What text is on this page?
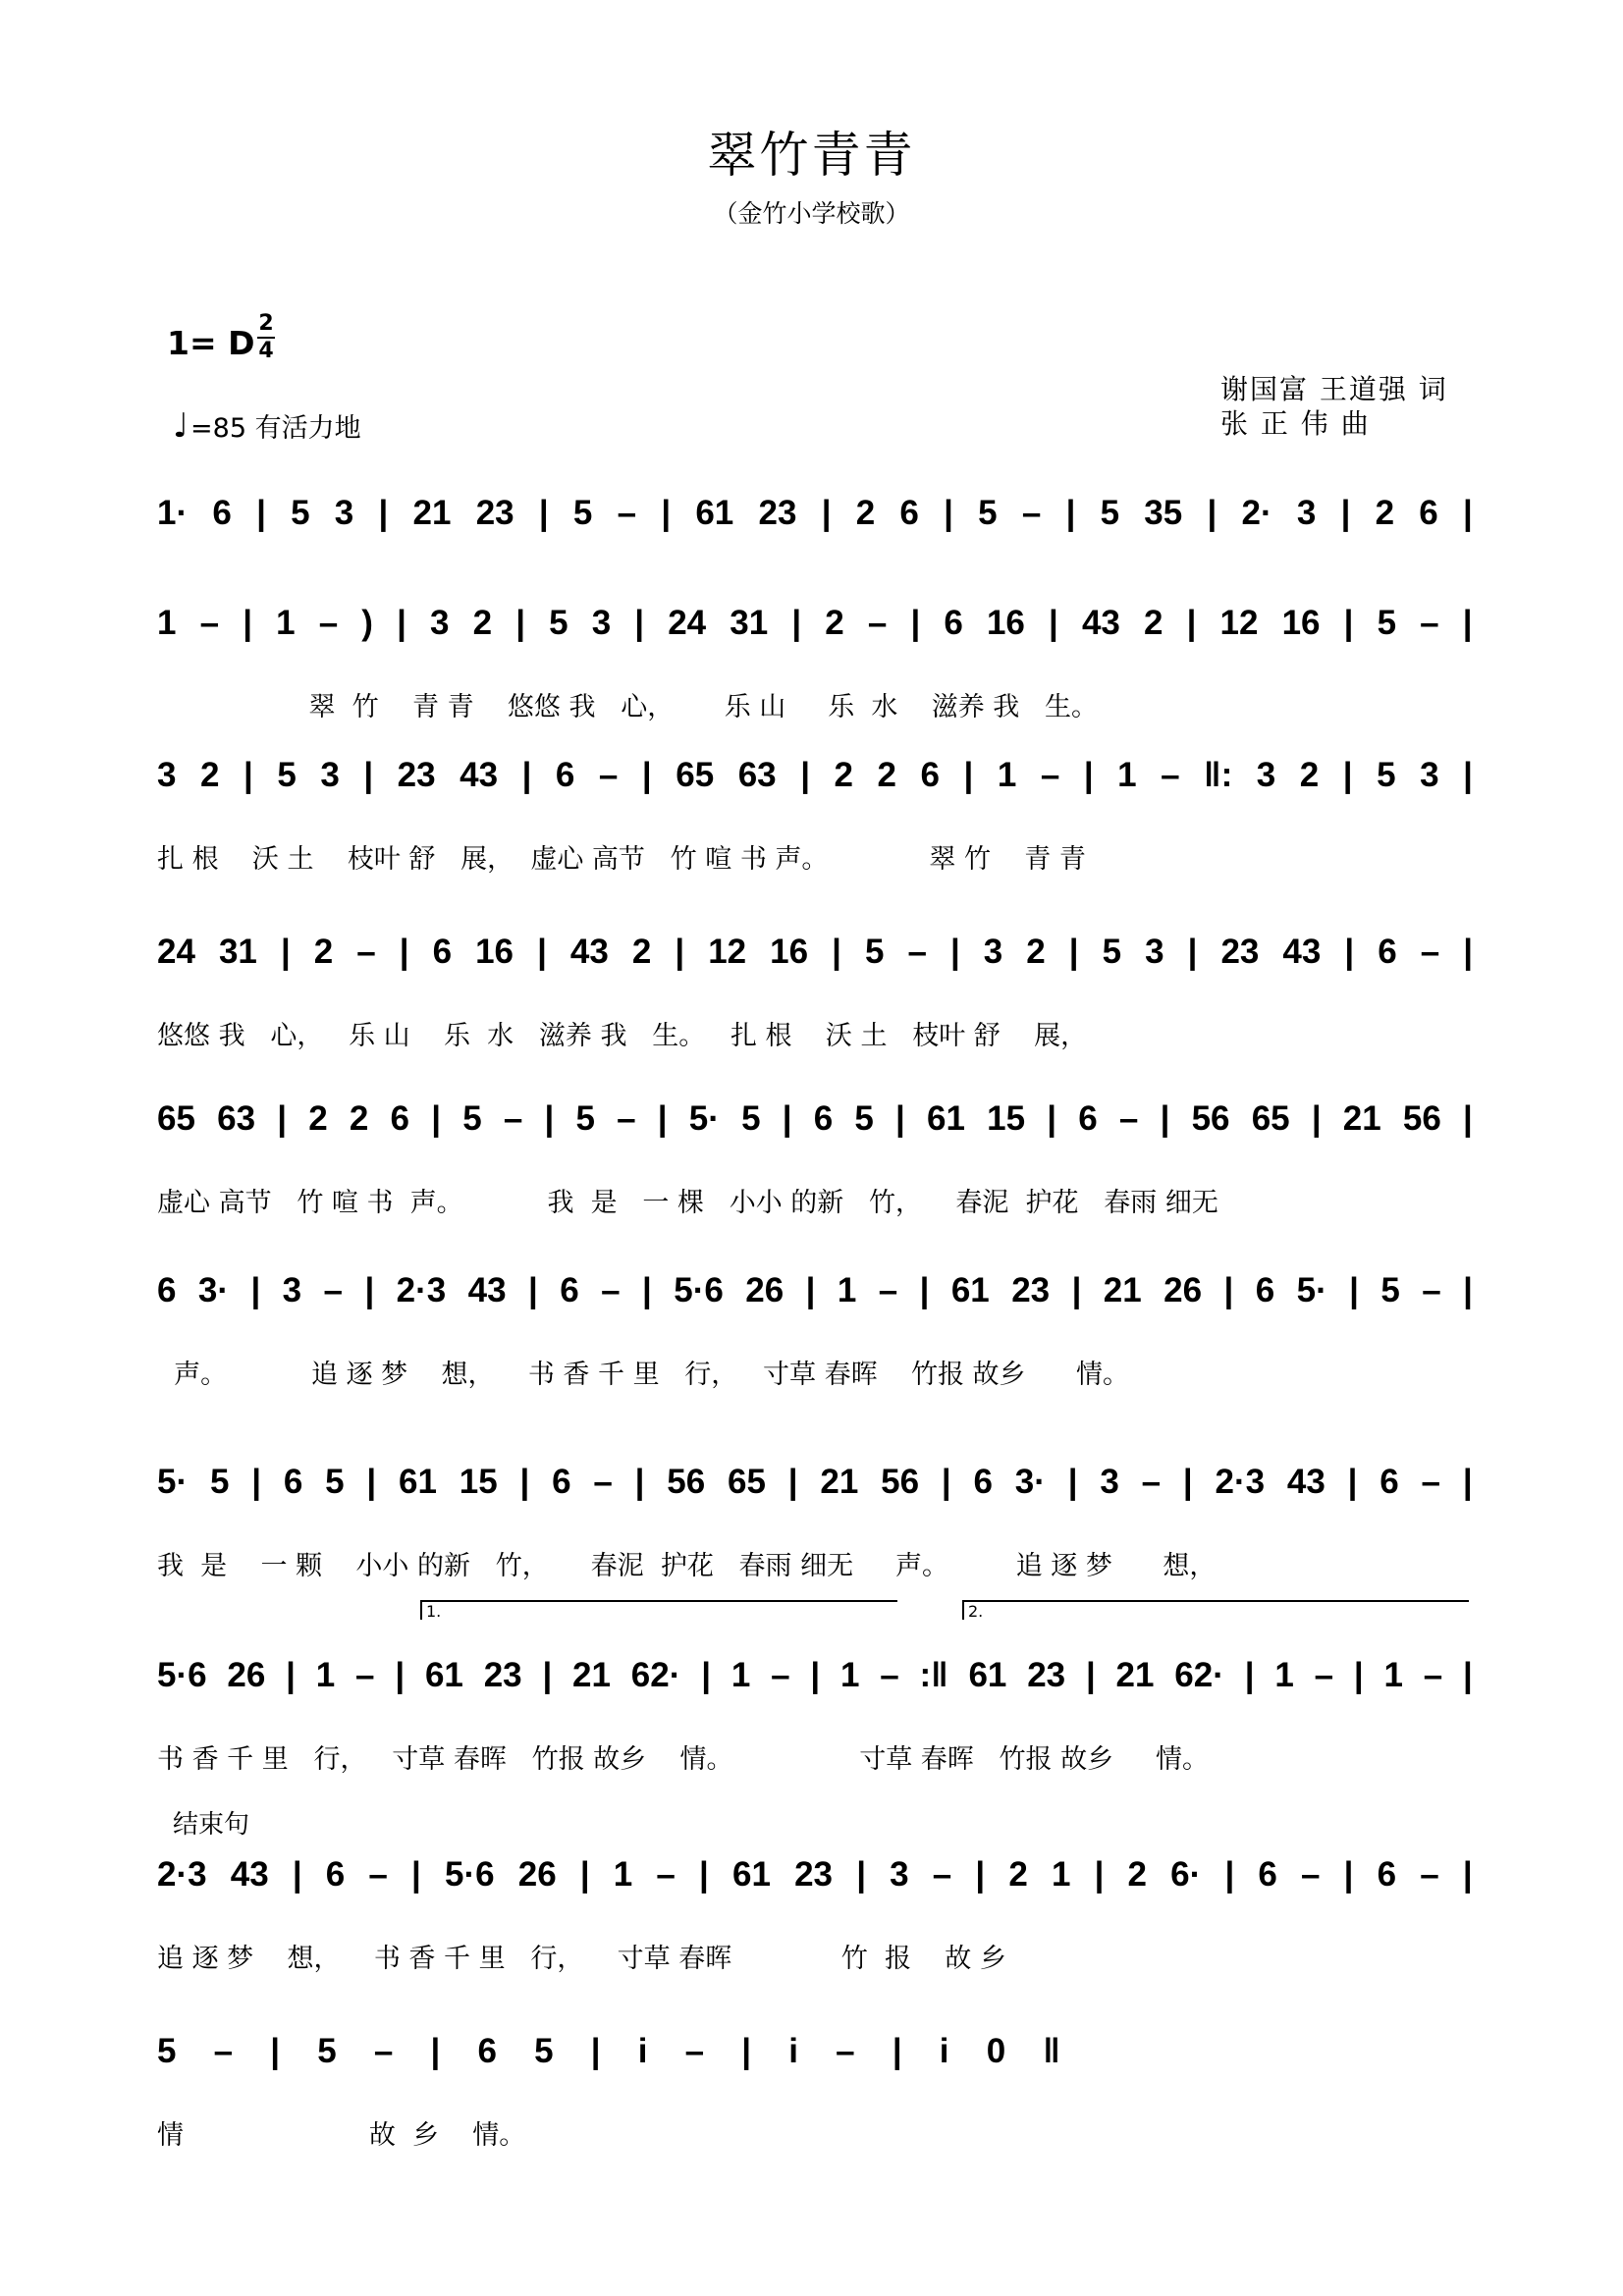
翠竹青青
（金竹小学校歌）
1= D
2
4
♩=85 有活力地
谢国富 王道强 词
张 正 伟 曲
1· 6 | 5 3 | 21 23 | 5 – | 61 23 | 2 6 | 5 – | 5 35 | 2· 3 | 2 6 |
1 – | 1 – ) | 3 2 | 5 3 | 24 31 | 2 – | 6 16 | 43 2 | 12 16 | 5 – |
翠  竹    青 青    悠悠 我   心，      乐 山     乐  水    滋养 我   生。
3 2 | 5 3 | 23 43 | 6 – | 65 63 | 2 2 6 | 1 – | 1 – ‖: 3 2 | 5 3 |
扎 根    沃 土    枝叶 舒   展，  虚心 高节   竹 喧 书 声。            翠 竹    青 青
24 31 | 2 – | 6 16 | 43 2 | 12 16 | 5 – | 3 2 | 5 3 | 23 43 | 6 – |
悠悠 我   心，   乐 山    乐  水   滋养 我   生。   扎 根    沃 土   枝叶 舒    展，
65 63 | 2 2 6 | 5 – | 5 – | 5· 5 | 6 5 | 61 15 | 6 – | 56 65 | 21 56 |
虚心 高节   竹 喧 书  声。          我  是   一 棵   小小 的新   竹，    春泥  护花   春雨 细无
6 3· | 3 – | 2·3 43 | 6 – | 5·6 26 | 1 – | 61 23 | 21 26 | 6 5· | 5 – |
声。          追 逐 梦    想，    书 香 千 里   行，   寸草 春晖    竹报 故乡      情。
5· 5 | 6 5 | 61 15 | 6 – | 56 65 | 21 56 | 6 3· | 3 – | 2·3 43 | 6 – |
我  是    一 颗    小小 的新   竹，     春泥  护花   春雨 细无     声。        追 逐 梦      想，
1.	2.
5·6 26 | 1 – | 61 23 | 21 62· | 1 – | 1 – :‖ 61 23 | 21 62· | 1 – | 1 – |
书 香 千 里   行，   寸草 春晖   竹报 故乡    情。               寸草 春晖   竹报 故乡     情。
结束句
2·3 43 | 6 – | 5·6 26 | 1 – | 61 23 | 3 – | 2 1 | 2 6· | 6 – | 6 – |
追 逐 梦    想，    书 香 千 里   行，    寸草 春晖             竹  报    故 乡
5 – | 5 – | 6 5 | i – | i – | i 0 ‖
情                      故  乡    情。
